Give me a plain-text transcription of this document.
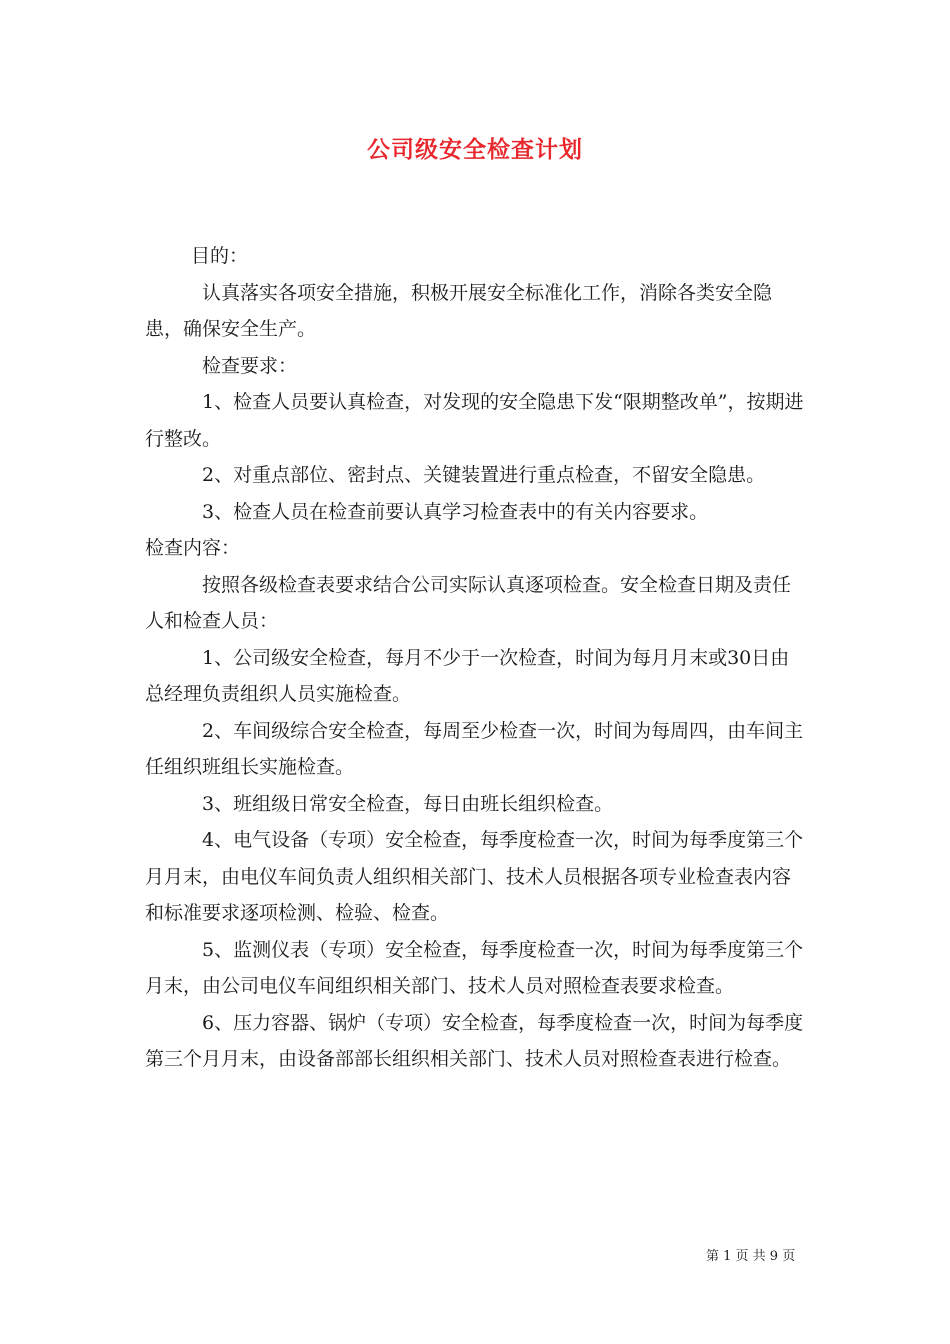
公司级安全检查计划

目的：

认真落实各项安全措施，积极开展安全标准化工作，消除各类安全隐患，确保安全生产。

检查要求：

1、检查人员要认真检查，对发现的安全隐患下发“限期整改单”，按期进行整改。

2、对重点部位、密封点、关键装置进行重点检查，不留安全隐患。

3、检查人员在检查前要认真学习检查表中的有关内容要求。

检查内容：

按照各级检查表要求结合公司实际认真逐项检查。安全检查日期及责任人和检查人员：

1、公司级安全检查，每月不少于一次检查，时间为每月月末或30日由总经理负责组织人员实施检查。

2、车间级综合安全检查，每周至少检查一次，时间为每周四，由车间主任组织班组长实施检查。

3、班组级日常安全检查，每日由班长组织检查。

4、电气设备（专项）安全检查，每季度检查一次，时间为每季度第三个月月末，由电仪车间负责人组织相关部门、技术人员根据各项专业检查表内容和标准要求逐项检测、检验、检查。

5、监测仪表（专项）安全检查，每季度检查一次，时间为每季度第三个月末，由公司电仪车间组织相关部门、技术人员对照检查表要求检查。

6、压力容器、锅炉（专项）安全检查，每季度检查一次，时间为每季度第三个月月末，由设备部部长组织相关部门、技术人员对照检查表进行检查。

第 1 页 共 9 页
